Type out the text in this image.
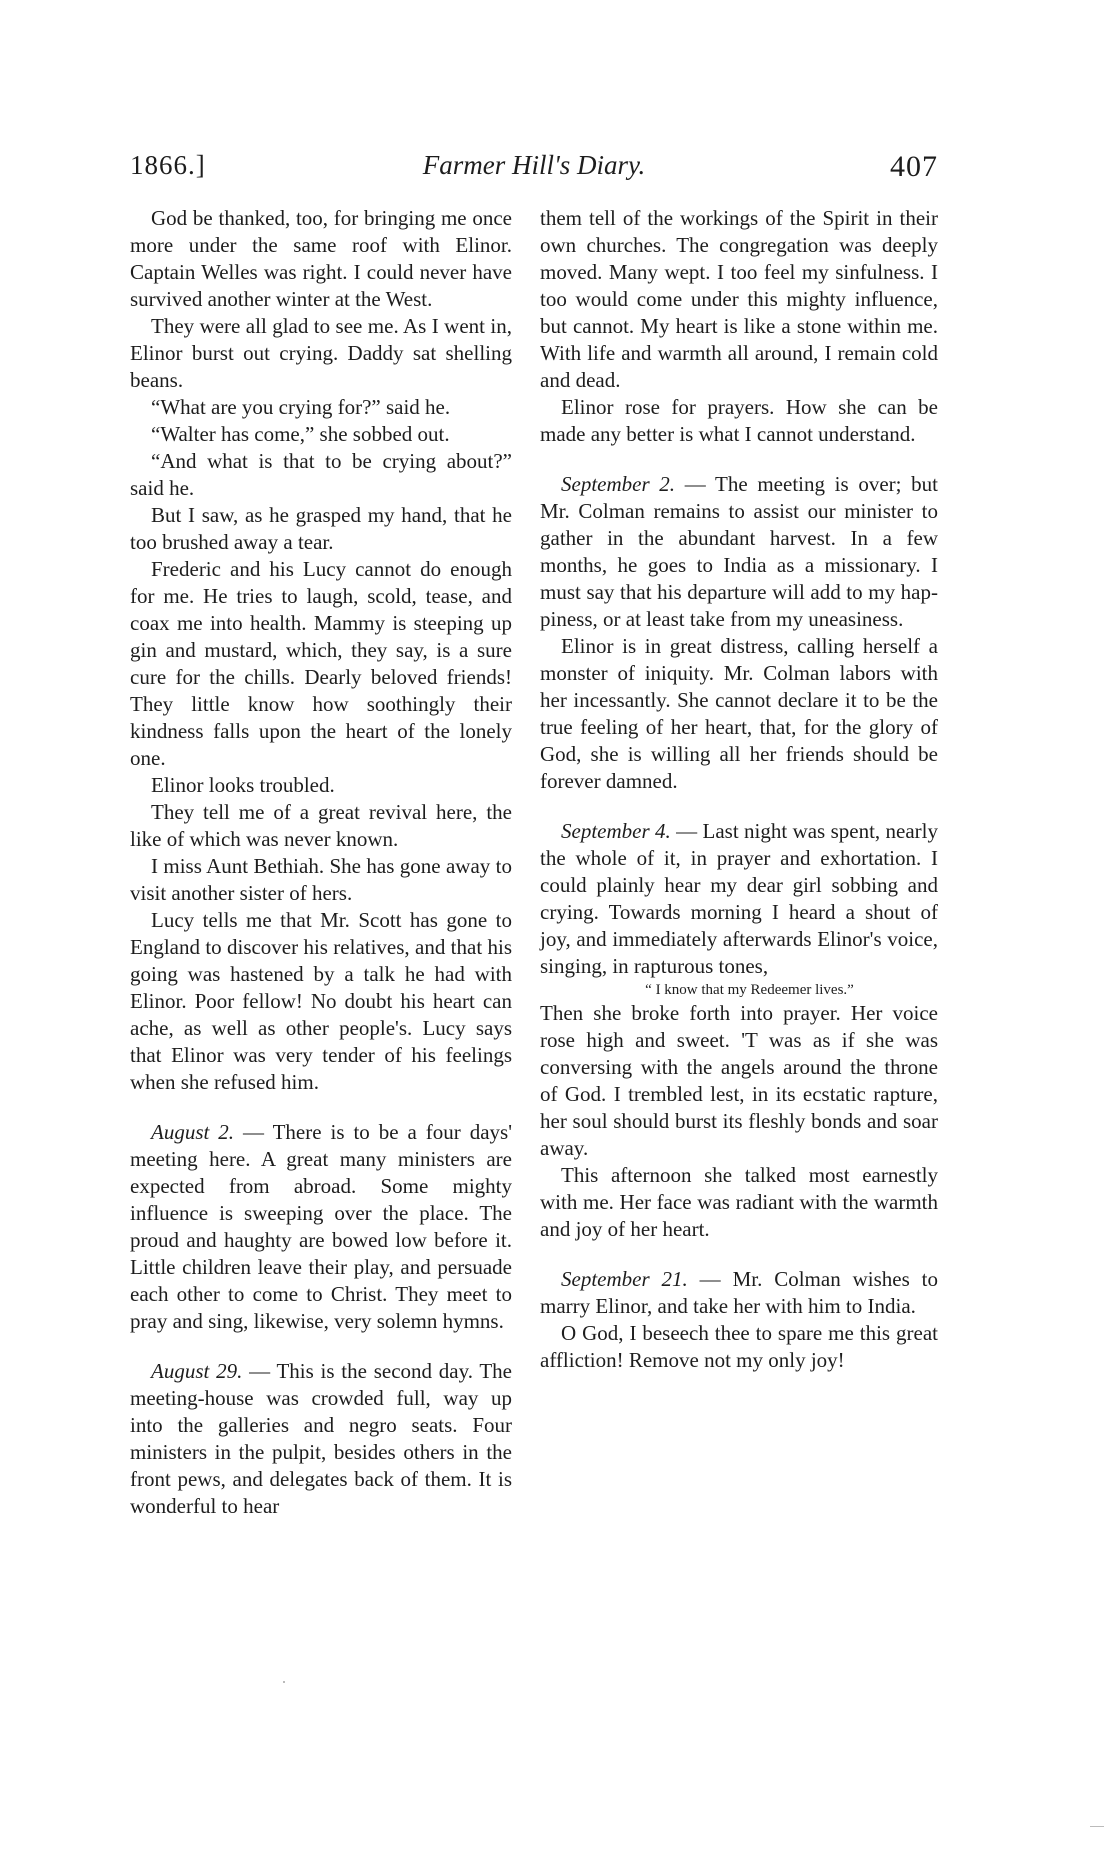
1866.]	Farmer Hill's Diary.	407

God be thanked, too, for bringing me once more under the same roof with Elinor. Captain Welles was right. I could never have survived another winter at the West.

They were all glad to see me. As I went in, Elinor burst out crying. Daddy sat shelling beans.

“What are you crying for?” said he.

“Walter has come,” she sobbed out.

“And what is that to be crying about?” said he.

But I saw, as he grasped my hand, that he too brushed away a tear.

Frederic and his Lucy cannot do enough for me. He tries to laugh, scold, tease, and coax me into health. Mammy is steeping up gin and mustard, which, they say, is a sure cure for the chills. Dearly beloved friends! They little know how soothingly their kindness falls upon the heart of the lonely one.

Elinor looks troubled.

They tell me of a great revival here, the like of which was never known.

I miss Aunt Bethiah. She has gone away to visit another sister of hers.

Lucy tells me that Mr. Scott has gone to England to discover his relatives, and that his going was hastened by a talk he had with Elinor. Poor fellow! No doubt his heart can ache, as well as other people's. Lucy says that Elinor was very tender of his feelings when she refused him.

August 2. — There is to be a four days' meeting here. A great many ministers are expected from abroad. Some mighty influence is sweeping over the place. The proud and haughty are bowed low before it. Little children leave their play, and persuade each other to come to Christ. They meet to pray and sing, likewise, very solemn hymns.

August 29. — This is the second day. The meeting-house was crowded full, way up into the galleries and negro seats. Four ministers in the pulpit, besides others in the front pews, and delegates back of them. It is wonderful to hear

them tell of the workings of the Spirit in their own churches. The congregation was deeply moved. Many wept. I too feel my sinfulness. I too would come under this mighty influence, but cannot. My heart is like a stone within me. With life and warmth all around, I remain cold and dead.

Elinor rose for prayers. How she can be made any better is what I cannot understand.

September 2. — The meeting is over; but Mr. Colman remains to assist our minister to gather in the abundant harvest. In a few months, he goes to India as a missionary. I must say that his departure will add to my happiness, or at least take from my uneasiness.

Elinor is in great distress, calling herself a monster of iniquity. Mr. Colman labors with her incessantly. She cannot declare it to be the true feeling of her heart, that, for the glory of God, she is willing all her friends should be forever damned.

September 4. — Last night was spent, nearly the whole of it, in prayer and exhortation. I could plainly hear my dear girl sobbing and crying. Towards morning I heard a shout of joy, and immediately afterwards Elinor's voice, singing, in rapturous tones,

“ I know that my Redeemer lives.”

Then she broke forth into prayer. Her voice rose high and sweet. 'T was as if she was conversing with the angels around the throne of God. I trembled lest, in its ecstatic rapture, her soul should burst its fleshly bonds and soar away.

This afternoon she talked most earnestly with me. Her face was radiant with the warmth and joy of her heart.

September 21. — Mr. Colman wishes to marry Elinor, and take her with him to India.

O God, I beseech thee to spare me this great affliction! Remove not my only joy!
